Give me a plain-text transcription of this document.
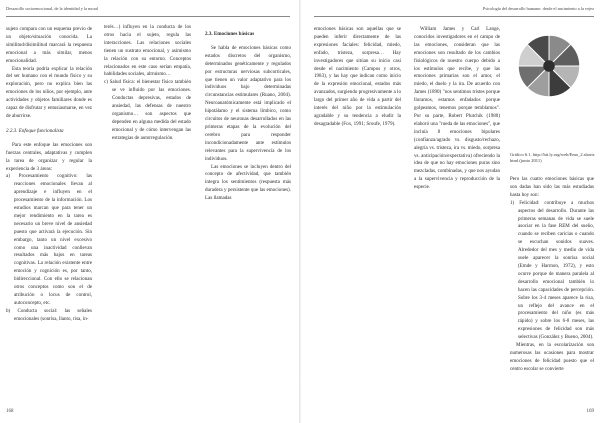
Desarrollo socioemocional, de la identidad y la moral

sujeto compara con un esquema previo de un objeto/situación conocida. La similitud/disimilitud marcará la respuesta emocional a más similar, menos emocionalidad.

Esta teoría podría explicar la relación del ser humano con el mundo físico y su exploración, pero no explica bien las emociones de los niños, por ejemplo, ante actividades y objetos familiares donde es capaz de disfrutar y entusiasmarse, en vez de aburrirse.

2.2.3. Enfoque funcionalista

Para este enfoque las emociones son fuerzas centrales, adaptativas y cumplen la tarea de organizar y regular la experiencia de 3 áreas:

a) Procesamiento cognitivo: las reacciones emocionales llevan al aprendizaje e influyen en el procesamiento de la información. Los estudios marcan que para tener un mejor rendimiento en la tarea es necesario un breve nivel de ansiedad puesto que activará la ejecución. Sin embargo, tanto un nivel excesivo como una inactividad conllevan resultados más bajos en tareas cognitivas. La relación existente entre emoción y cognición es, por tanto, bidireccional. Con ello se relacionan otros conceptos como son el de atribución o locus de control, autoconcepto, etc.

b) Conducta social: las señales emocionales (sonrisa, llanto, risa, in-

terés…) influyen en la conducta de los otros hacia el sujeto, regula las interacciones. Las relaciones sociales tienen un sustrato emocional, y asimismo la relación con su entorno. Conceptos relacionados en este caso serían empatía, habilidades sociales, altruismo…

c) Salud física: el bienestar físico también se ve influido por las emociones. Conductas depresivas, estados de ansiedad, las defensas de nuestro organismo… son aspectos que dependen en alguna medida del estado emocional y de cómo intervengan las estrategias de autorregulación.

168

2.3. Emociones básicas

Se habla de emociones básicas como estados discretos del organismo, determinados genéticamente y regulados por estructuras nerviosas subcorticales, que tienen un valor adaptativo para los individuos bajo determinadas circunstancias estimulares (Ruano, 2004). Neuroanatómicamente está implicado el hipotálamo y el sistema límbico, como circuitos de neuronas desarrollados en las primeras etapas de la evolución del cerebro para responder incondicionadamente ante estímulos relevantes para la supervivencia de los individuos.

Las emociones se incluyen dentro del concepto de afectividad, que también integra los sentimientos (respuesta más duradera y persistente que las emociones). Las llamadas

Psicología del desarrollo humano: desde el nacimiento a la vejez
Gráfico 6.1. http://bit.ly.org/web/Emo_2.shorts html (junio 2011)

Pero las cuatro emociones básicas que son dadas han sido las más estudiadas hasta hoy son:

1) Felicidad: contribuye a muchos aspectos del desarrollo. Durante las primeras semanas de vida se suele asociar en la fase REM del sueño, cuando se reciben caricias o cuando se escuchan sonidos suaves. Alrededor del mes y medio de vida suele aparecer la sonrisa social (Emde y Harmon, 1972), y esto ocurre porque de manera paralela al desarrollo emocional también lo hacen las capacidades de percepción. Sobre los 3-4 meses aparece la risa, un reflejo del avance en el procesamiento del niño (es más rápido) y sobre los 6-8 meses, las expresiones de felicidad son más selectivas (González y Bueno, 2004).

Mientras, en la escolarización son numerosas las ocasiones para mostrar emociones de felicidad puesto que el centro escolar se convierte

169

emociones básicas son aquellas que se pueden inferir directamente de las expresiones faciales: felicidad, miedo, enfado, tristeza, sorpresa… Hay investigadores que sitúan su inicio casi desde el nacimiento (Campos y otros, 1983), y las hay que indican como inicio de la expresión emocional, estados más avanzados, surgiendo progresivamente a lo largo del primer año de vida a partir del interés del niño por la estimulación agradable y su tendencia a eludir la desagradable (Fox, 1991; Sroufe, 1979).

William James y Carl Lange, conocidos investigadores en el campo de las emociones, consideran que las emociones son resultado de los cambios fisiológicos de nuestro cuerpo debido a los estímulos que recibe, y que las emociones primarias son el amor, el miedo, el duelo y la ira. De acuerdo con James (1890) "nos sentimos tristes porque lloramos, estamos enfadados porque golpeamos, tenemos porque temblamos". Por su parte, Robert Plutchik (1980) elaboró una "rueda de las emociones", que incluía 8 emociones bipolares (confianza/agrado vs. disgusto/rechazo, alegría vs. tristeza, ira vs. miedo, sorpresa vs. anticipación/expectativa) ofreciendo la idea de que no hay emociones puras sino mezcladas, combinadas, y que nos ayudan a la supervivencia y reproducción de la especie.
